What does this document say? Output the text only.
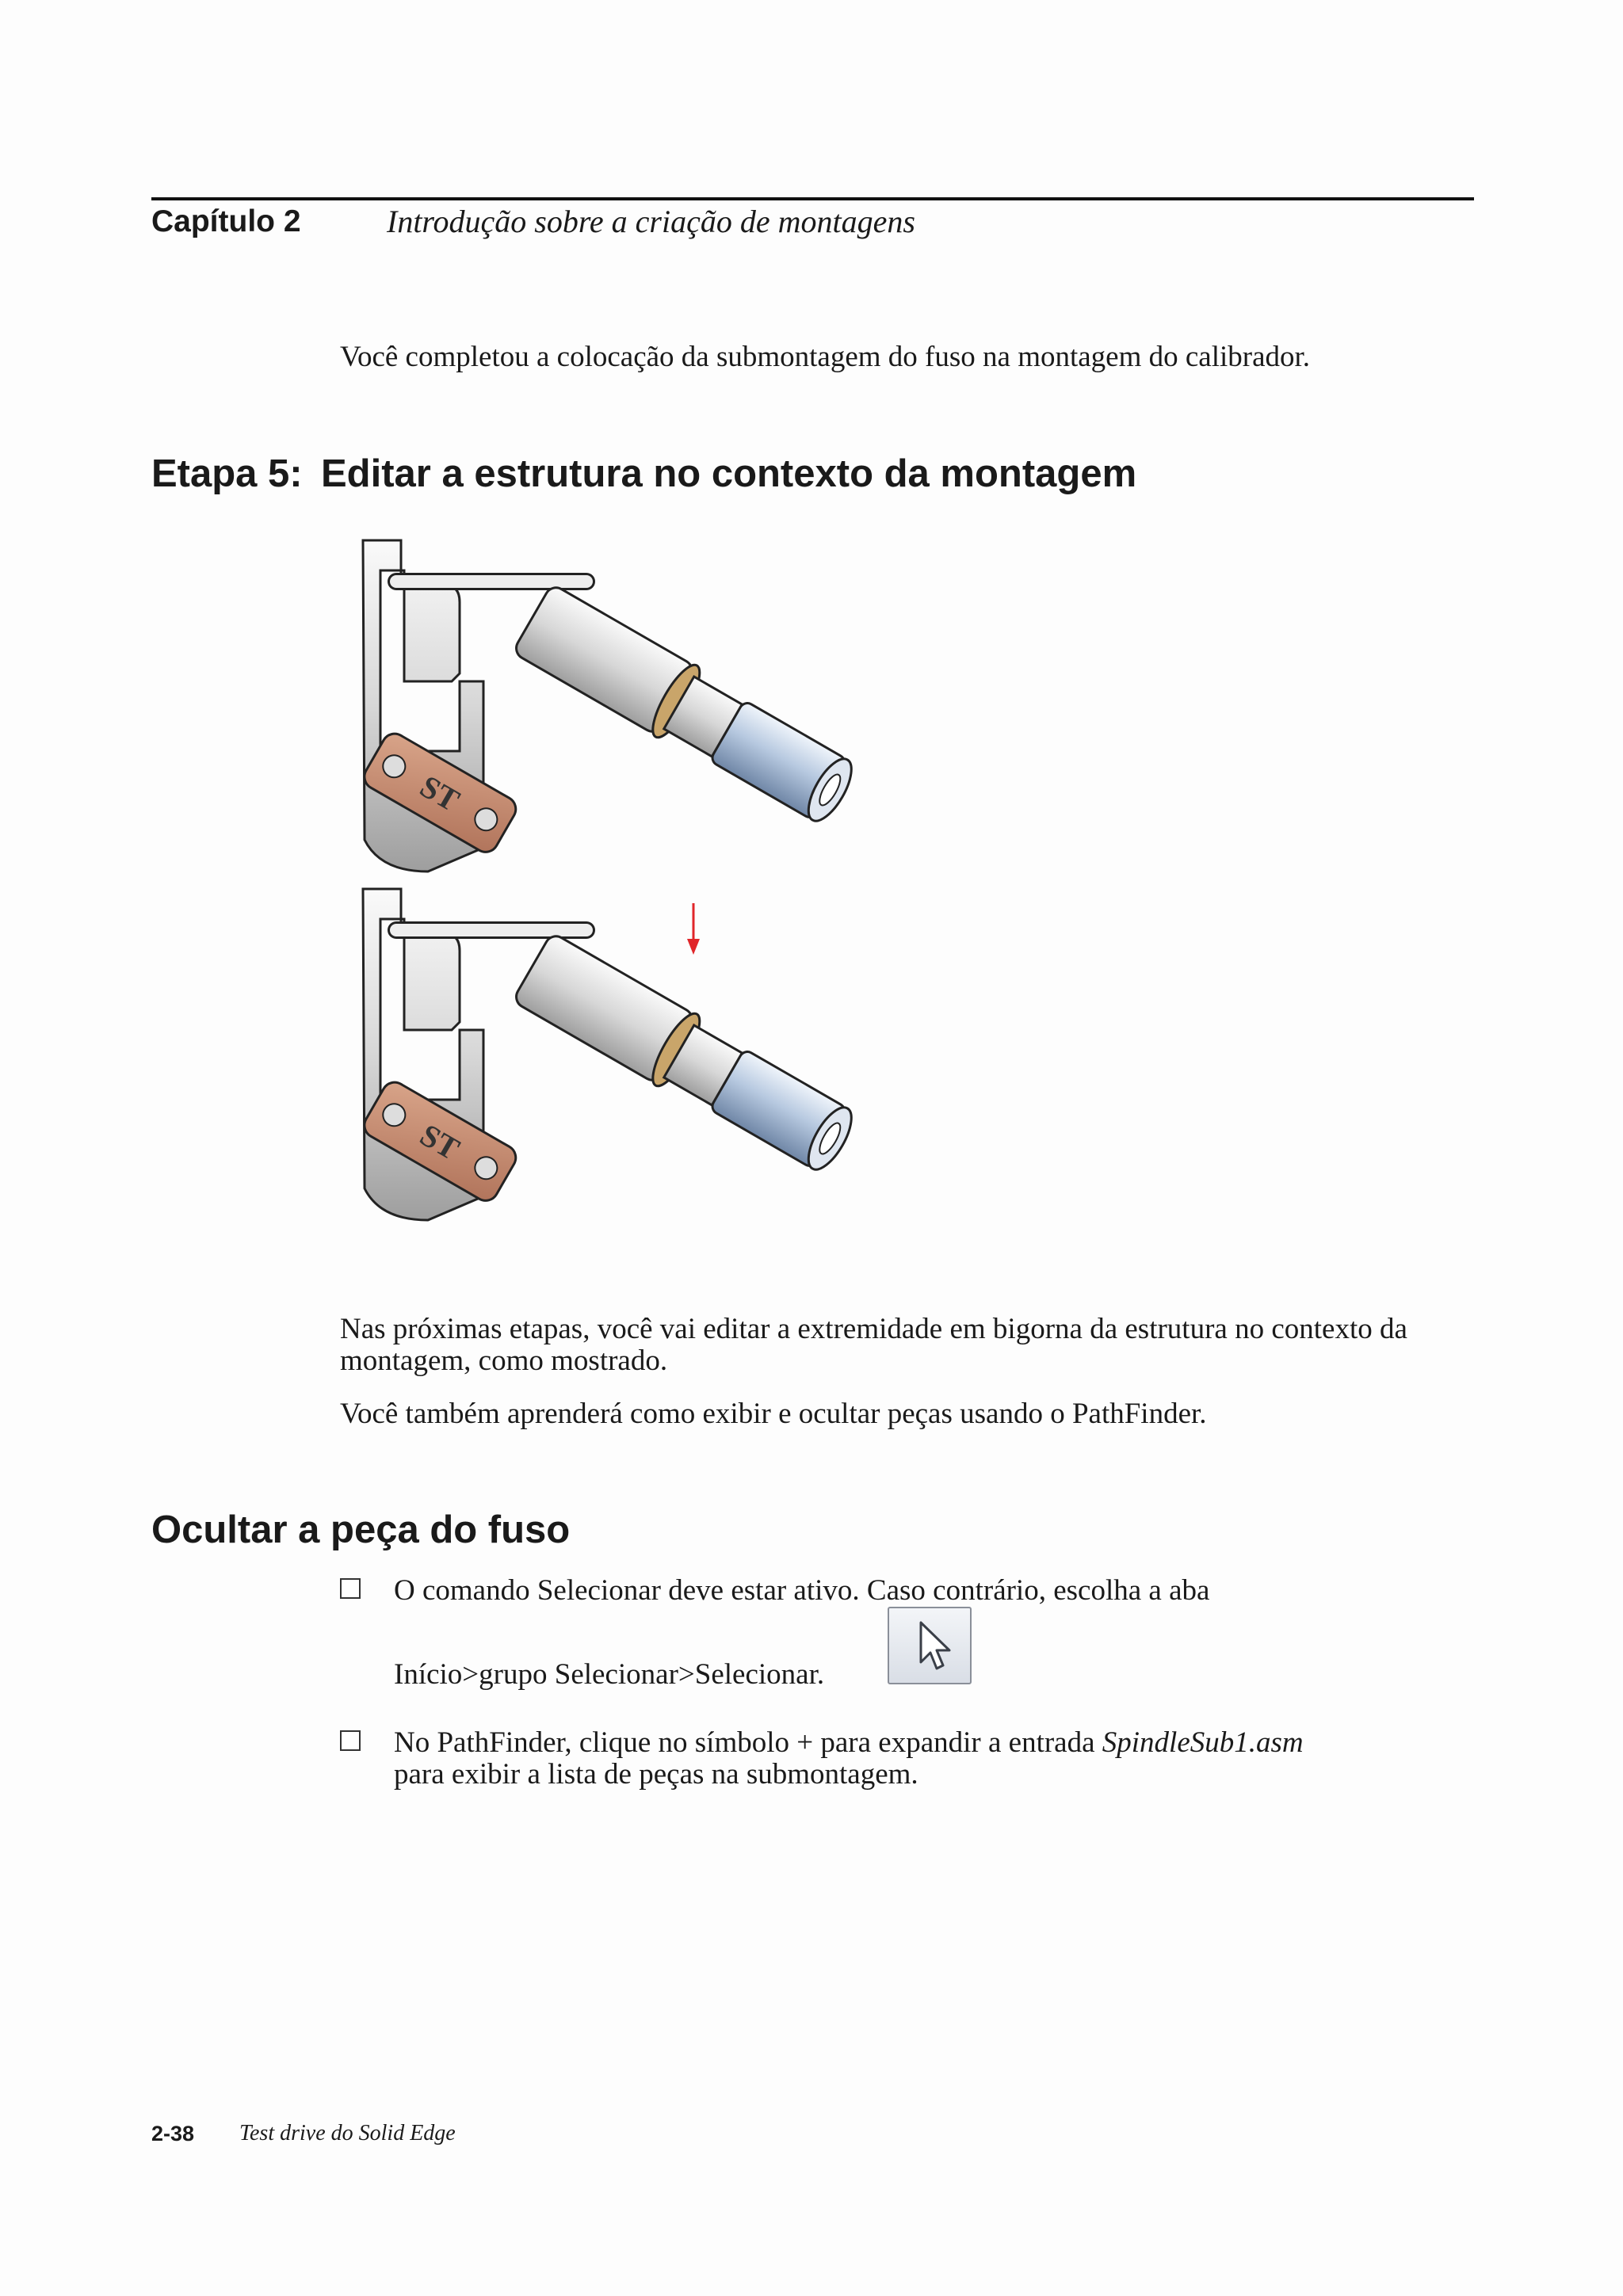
Capítulo 2	Introdução sobre a criação de montagens
Você completou a colocação da submontagem do fuso na montagem do calibrador.
Etapa 5: Editar a estrutura no contexto da montagem
ST
ST
Nas próximas etapas, você vai editar a extremidade em bigorna da estrutura no contexto da montagem, como mostrado.
Você também aprenderá como exibir e ocultar peças usando o PathFinder.
Ocultar a peça do fuso
O comando Selecionar deve estar ativo. Caso contrário, escolha a aba
Início>grupo Selecionar>Selecionar.
No PathFinder, clique no símbolo + para expandir a entrada SpindleSub1.asm
para exibir a lista de peças na submontagem.
2-38 Test drive do Solid Edge
